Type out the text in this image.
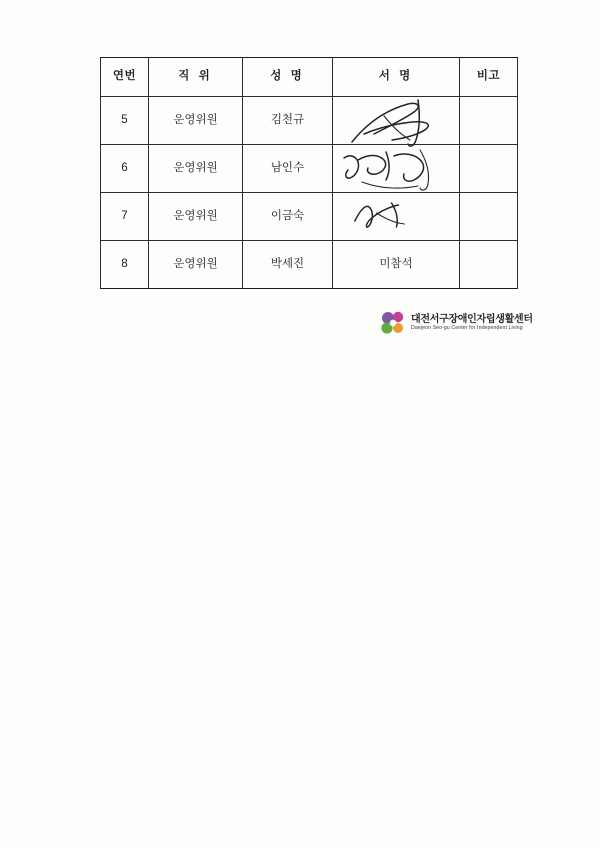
연번	직 위	성 명	서 명	비고

5	운영위원	김천규		

6	운영위원	남인수		

7	운영위원	이금숙

8	운영위원	박세진	미참석	

대전서구장애인자립생활센터
Daejeon Seo-gu Center for Independent Living
